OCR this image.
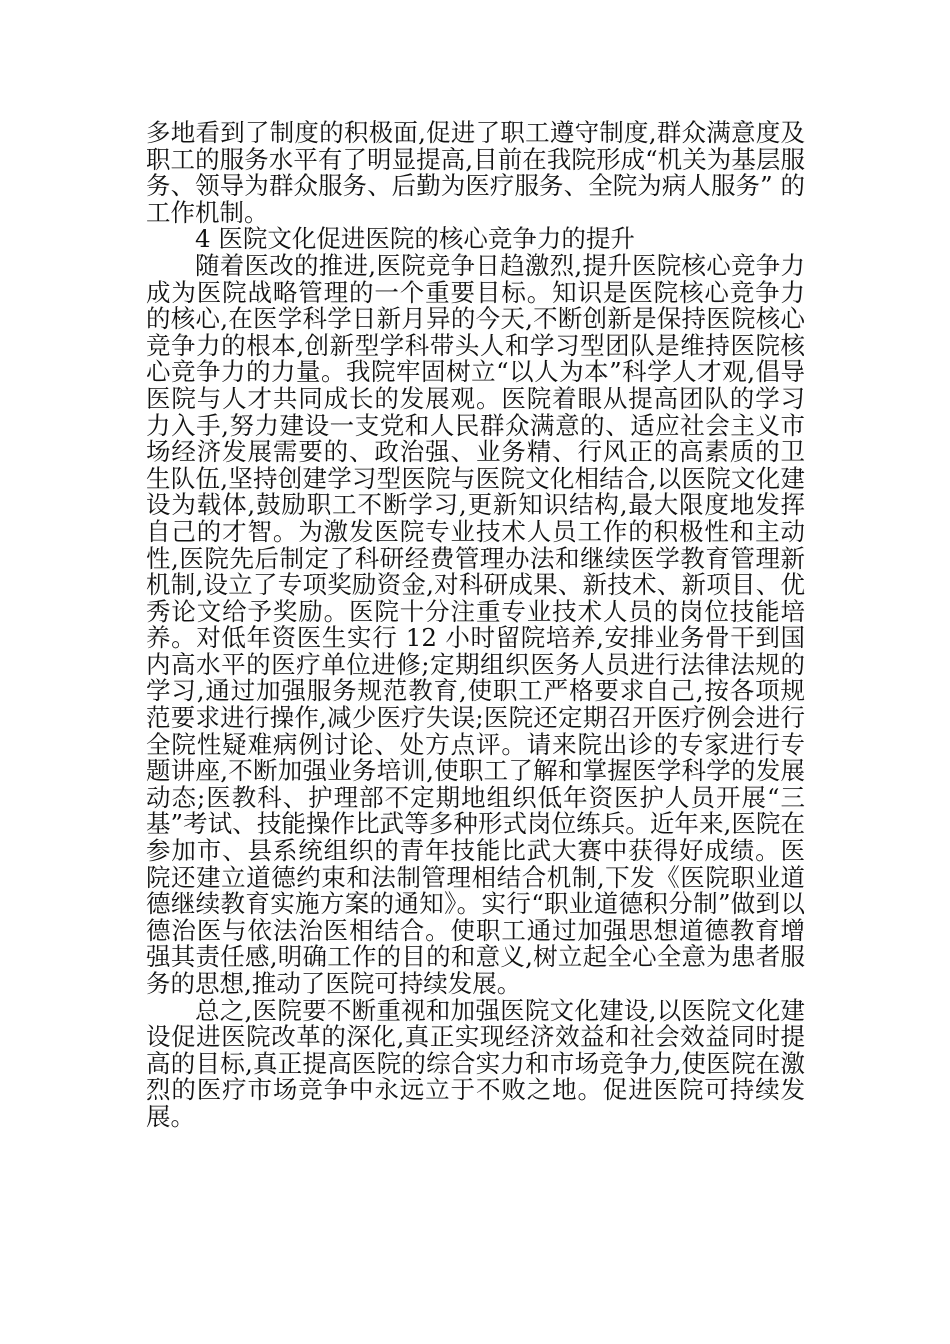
多地看到了制度的积极面,促进了职工遵守制度,群众满意度及职工的服务水平有了明显提高,目前在我院形成“机关为基层服务、领导为群众服务、后勤为医疗服务、全院为病人服务” 的工作机制。

4 医院文化促进医院的核心竞争力的提升

随着医改的推进,医院竞争日趋激烈,提升医院核心竞争力成为医院战略管理的一个重要目标。知识是医院核心竞争力的核心,在医学科学日新月异的今天,不断创新是保持医院核心竞争力的根本,创新型学科带头人和学习型团队是维持医院核心竞争力的力量。我院牢固树立“以人为本”科学人才观,倡导医院与人才共同成长的发展观。医院着眼从提高团队的学习力入手,努力建设一支党和人民群众满意的、适应社会主义市场经济发展需要的、政治强、业务精、行风正的高素质的卫生队伍,坚持创建学习型医院与医院文化相结合,以医院文化建设为载体,鼓励职工不断学习,更新知识结构,最大限度地发挥自己的才智。为激发医院专业技术人员工作的积极性和主动性,医院先后制定了科研经费管理办法和继续医学教育管理新机制,设立了专项奖励资金,对科研成果、新技术、新项目、优秀论文给予奖励。医院十分注重专业技术人员的岗位技能培养。对低年资医生实行 12 小时留院培养,安排业务骨干到国内高水平的医疗单位进修;定期组织医务人员进行法律法规的学习,通过加强服务规范教育,使职工严格要求自己,按各项规范要求进行操作,减少医疗失误;医院还定期召开医疗例会进行全院性疑难病例讨论、处方点评。请来院出诊的专家进行专题讲座,不断加强业务培训,使职工了解和掌握医学科学的发展动态;医教科、护理部不定期地组织低年资医护人员开展“三基”考试、技能操作比武等多种形式岗位练兵。近年来,医院在参加市、县系统组织的青年技能比武大赛中获得好成绩。医院还建立道德约束和法制管理相结合机制,下发《医院职业道德继续教育实施方案的通知》。实行“职业道德积分制”做到以德治医与依法治医相结合。使职工通过加强思想道德教育增强其责任感,明确工作的目的和意义,树立起全心全意为患者服务的思想,推动了医院可持续发展。

总之,医院要不断重视和加强医院文化建设,以医院文化建设促进医院改革的深化,真正实现经济效益和社会效益同时提高的目标,真正提高医院的综合实力和市场竞争力,使医院在激烈的医疗市场竞争中永远立于不败之地。促进医院可持续发展。
